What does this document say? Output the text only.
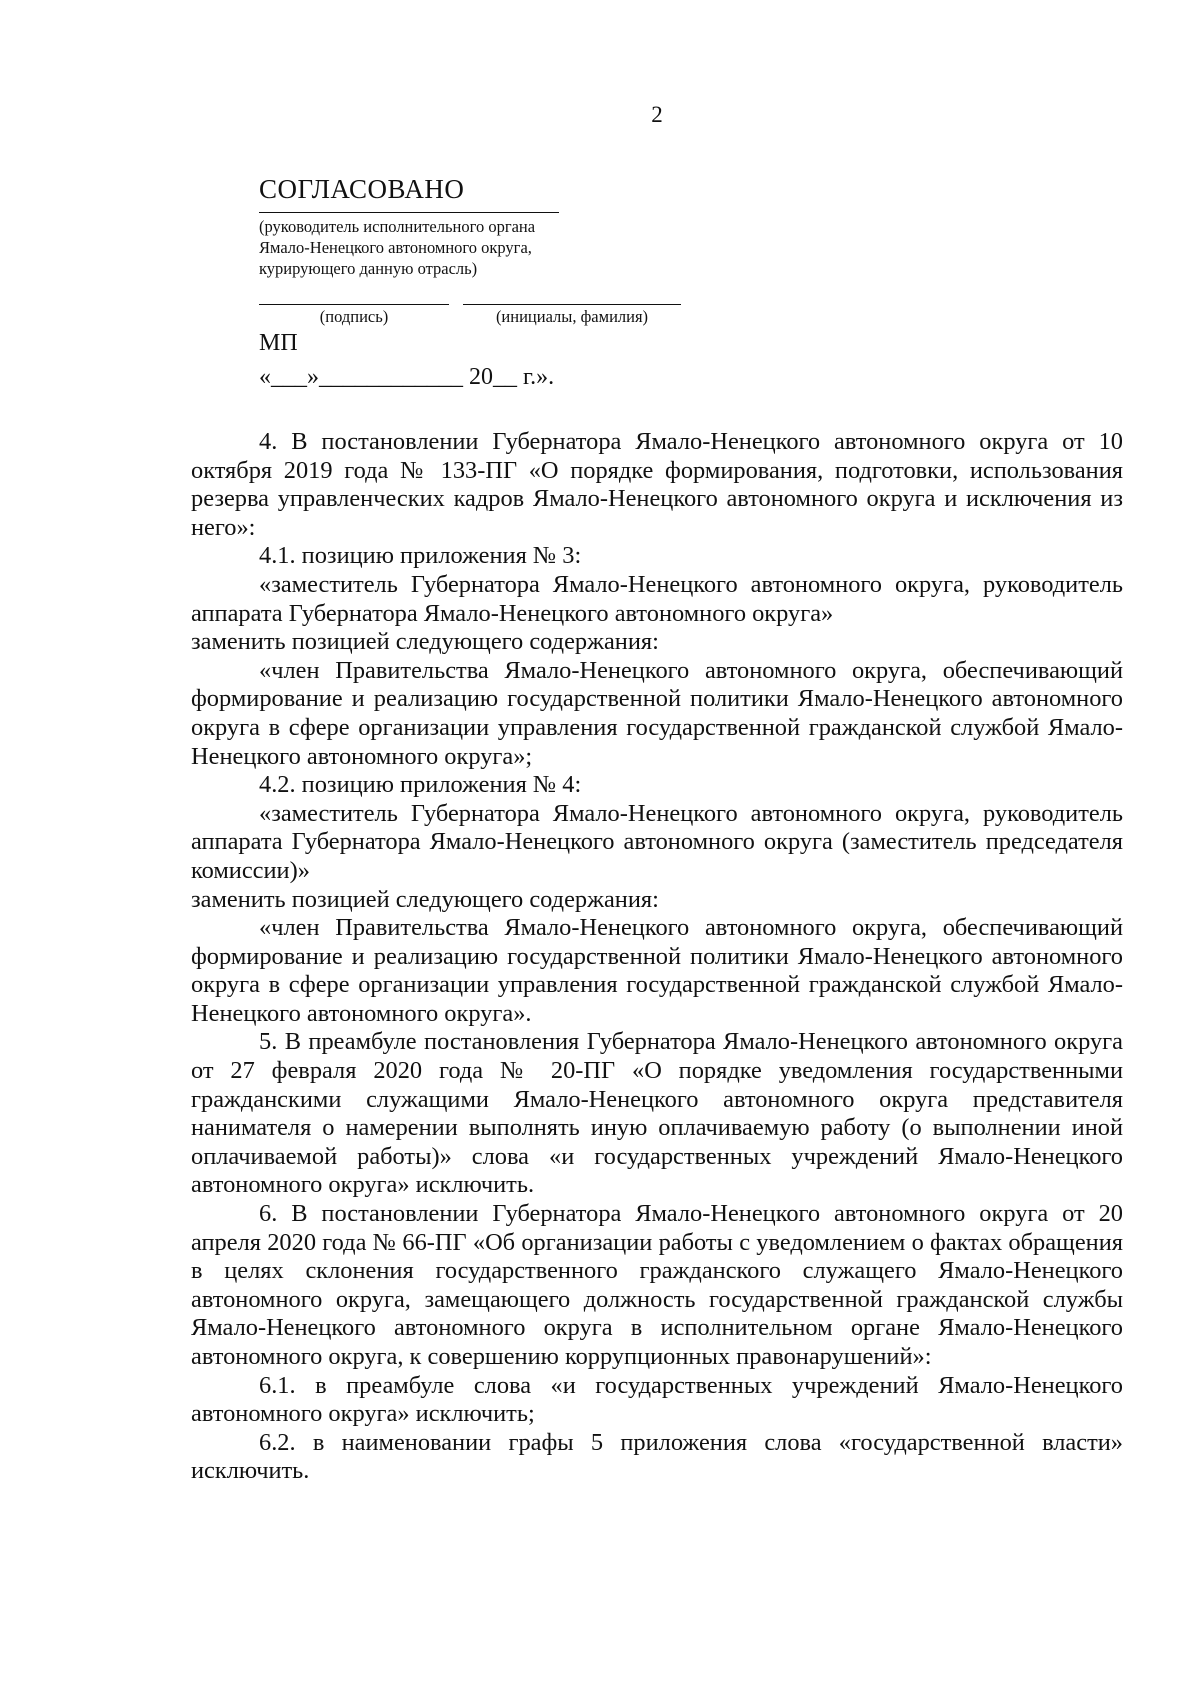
2

СОГЛАСОВАНО

(руководитель исполнительного органа
Ямало-Ненецкого автономного округа,
курирующего данную отрасль)
(подпись)	(инициалы, фамилия)
МП
«___»____________ 20__ г.».

4. В постановлении Губернатора Ямало-Ненецкого автономного округа от 10 октября 2019 года № 133-ПГ «О порядке формирования, подготовки, использования резерва управленческих кадров Ямало-Ненецкого автономного округа и исключения из него»:

4.1. позицию приложения № 3:

«заместитель Губернатора Ямало-Ненецкого автономного округа, руководитель аппарата Губернатора Ямало-Ненецкого автономного округа»

заменить позицией следующего содержания:

«член Правительства Ямало-Ненецкого автономного округа, обеспечивающий формирование и реализацию государственной политики Ямало-Ненецкого автономного округа в сфере организации управления государственной гражданской службой Ямало-Ненецкого автономного округа»;

4.2. позицию приложения № 4:

«заместитель Губернатора Ямало-Ненецкого автономного округа, руководитель аппарата Губернатора Ямало-Ненецкого автономного округа (заместитель председателя комиссии)»

заменить позицией следующего содержания:

«член Правительства Ямало-Ненецкого автономного округа, обеспечивающий формирование и реализацию государственной политики Ямало-Ненецкого автономного округа в сфере организации управления государственной гражданской службой Ямало-Ненецкого автономного округа».

5. В преамбуле постановления Губернатора Ямало-Ненецкого автономного округа от 27 февраля 2020 года № 20-ПГ «О порядке уведомления государственными гражданскими служащими Ямало-Ненецкого автономного округа представителя нанимателя о намерении выполнять иную оплачиваемую работу (о выполнении иной оплачиваемой работы)» слова «и государственных учреждений Ямало-Ненецкого автономного округа» исключить.

6. В постановлении Губернатора Ямало-Ненецкого автономного округа от 20 апреля 2020 года № 66-ПГ «Об организации работы с уведомлением о фактах обращения в целях склонения государственного гражданского служащего Ямало-Ненецкого автономного округа, замещающего должность государственной гражданской службы Ямало-Ненецкого автономного округа в исполнительном органе Ямало-Ненецкого автономного округа, к совершению коррупционных правонарушений»:

6.1. в преамбуле слова «и государственных учреждений Ямало-Ненецкого автономного округа» исключить;

6.2. в наименовании графы 5 приложения слова «государственной власти» исключить.
